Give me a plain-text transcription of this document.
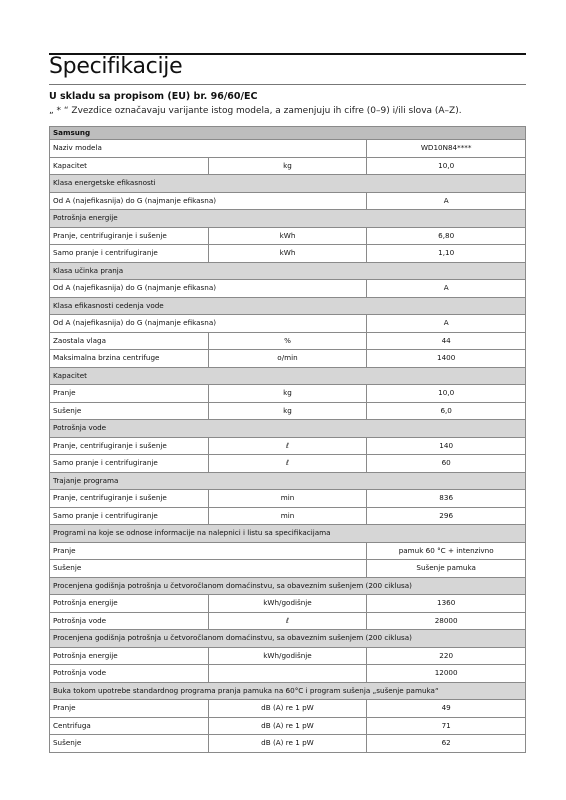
Specifikacije
U skladu sa propisom (EU) br. 96/60/EC
„ * “ Zvezdice označavaju varijante istog modela, a zamenjuju ih cifre (0–9) i/ili slova (A–Z).
Samsung		
Naziv modela		WD10N84****
Kapacitet	kg	10,0
Klasa energetske efikasnosti		
Od A (najefikasnija) do G (najmanje efikasna)		A
Potrošnja energije		
Pranje, centrifugiranje i sušenje	kWh	6,80
Samo pranje i centrifugiranje	kWh	1,10
Klasa učinka pranja		
Od A (najefikasnija) do G (najmanje efikasna)		A
Klasa efikasnosti cedenja vode		
Od A (najefikasnija) do G (najmanje efikasna)		A
Zaostala vlaga	%	44
Maksimalna brzina centrifuge	o/min	1400
Kapacitet		
Pranje	kg	10,0
Sušenje	kg	6,0
Potrošnja vode		
Pranje, centrifugiranje i sušenje	ℓ	140
Samo pranje i centrifugiranje	ℓ	60
Trajanje programa		
Pranje, centrifugiranje i sušenje	min	836
Samo pranje i centrifugiranje	min	296
Programi na koje se odnose informacije na nalepnici i listu sa specifikacijama		
Pranje		pamuk 60 °C + intenzivno
Sušenje		Sušenje pamuka
Procenjena godišnja potrošnja u četvoročlanom domaćinstvu, sa obaveznim sušenjem (200 ciklusa)		
Potrošnja energije	kWh/godišnje	1360
Potrošnja vode	ℓ	28000
Procenjena godišnja potrošnja u četvoročlanom domaćinstvu, sa obaveznim sušenjem (200 ciklusa)		
Potrošnja energije	kWh/godišnje	220
Potrošnja vode		12000
Buka tokom upotrebe standardnog programa pranja pamuka na 60°C i program sušenja „sušenje pamuka“		
Pranje	dB (A) re 1 pW	49
Centrifuga	dB (A) re 1 pW	71
Sušenje	dB (A) re 1 pW	62
